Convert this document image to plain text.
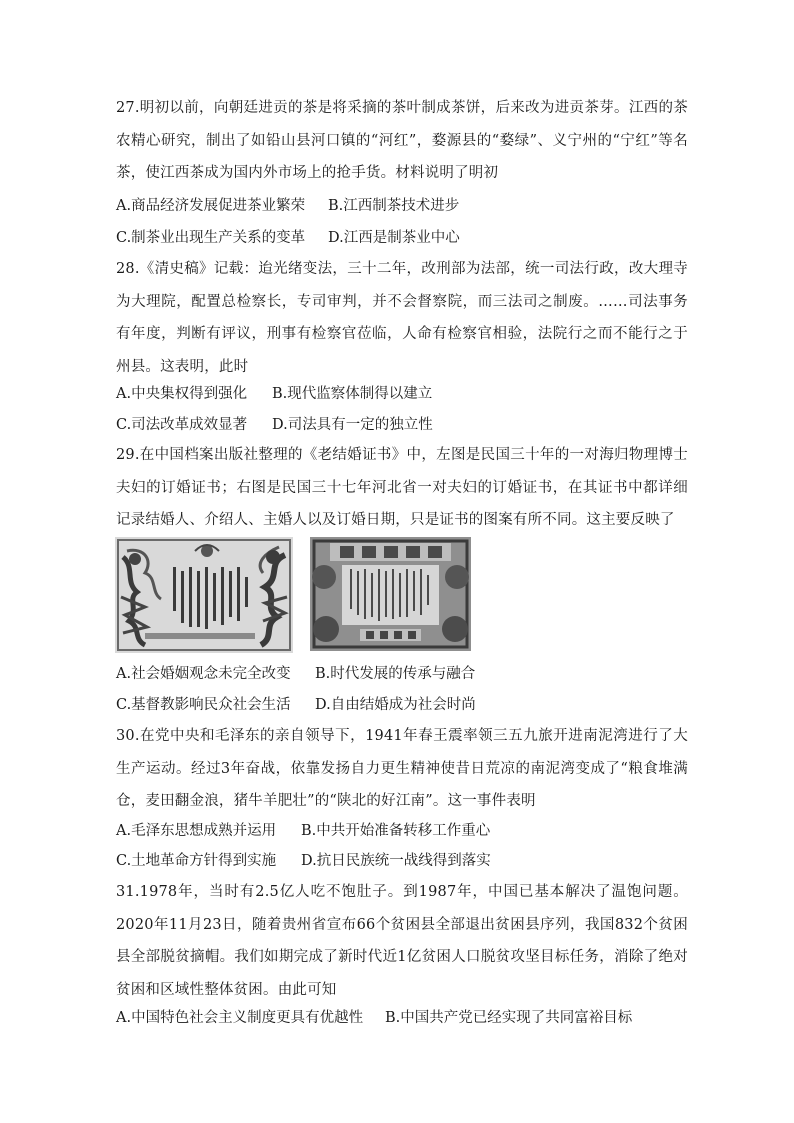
27.明初以前，向朝廷进贡的茶是将采摘的茶叶制成茶饼，后来改为进贡茶芽。江西的茶农精心研究，制出了如铅山县河口镇的“河红”，婺源县的“婺绿”、义宁州的“宁红”等名茶，使江西茶成为国内外市场上的抢手货。材料说明了明初

A.商品经济发展促进茶业繁荣 B.江西制茶技术进步
C.制茶业出现生产关系的变革 D.江西是制茶业中心

28.《清史稿》记载：迨光绪变法，三十二年，改刑部为法部，统一司法行政，改大理寺为大理院，配置总检察长，专司审判，并不会督察院，而三法司之制废。……司法事务有年度，判断有评议，刑事有检察官莅临，人命有检察官相验，法院行之而不能行之于州县。这表明，此时

A.中央集权得到强化 B.现代监察体制得以建立
C.司法改革成效显著 D.司法具有一定的独立性

29.在中国档案出版社整理的《老结婚证书》中，左图是民国三十年的一对海归物理博士夫妇的订婚证书；右图是民国三十七年河北省一对夫妇的订婚证书，在其证书中都详细记录结婚人、介绍人、主婚人以及订婚日期，只是证书的图案有所不同。这主要反映了

A.社会婚姻观念未完全改变 B.时代发展的传承与融合
C.基督教影响民众社会生活 D.自由结婚成为社会时尚

30.在党中央和毛泽东的亲自领导下，1941年春王震率领三五九旅开进南泥湾进行了大生产运动。经过3年奋战，依靠发扬自力更生精神使昔日荒凉的南泥湾变成了“粮食堆满仓，麦田翻金浪，猪牛羊肥壮”的“陕北的好江南”。这一事件表明

A.毛泽东思想成熟并运用 B.中共开始准备转移工作重心
C.土地革命方针得到实施 D.抗日民族统一战线得到落实

31.1978年，当时有2.5亿人吃不饱肚子。到1987年，中国已基本解决了温饱问题。2020年11月23日，随着贵州省宣布66个贫困县全部退出贫困县序列，我国832个贫困县全部脱贫摘帽。我们如期完成了新时代近1亿贫困人口脱贫攻坚目标任务，消除了绝对贫困和区域性整体贫困。由此可知

A.中国特色社会主义制度更具有优越性 B.中国共产党已经实现了共同富裕目标
